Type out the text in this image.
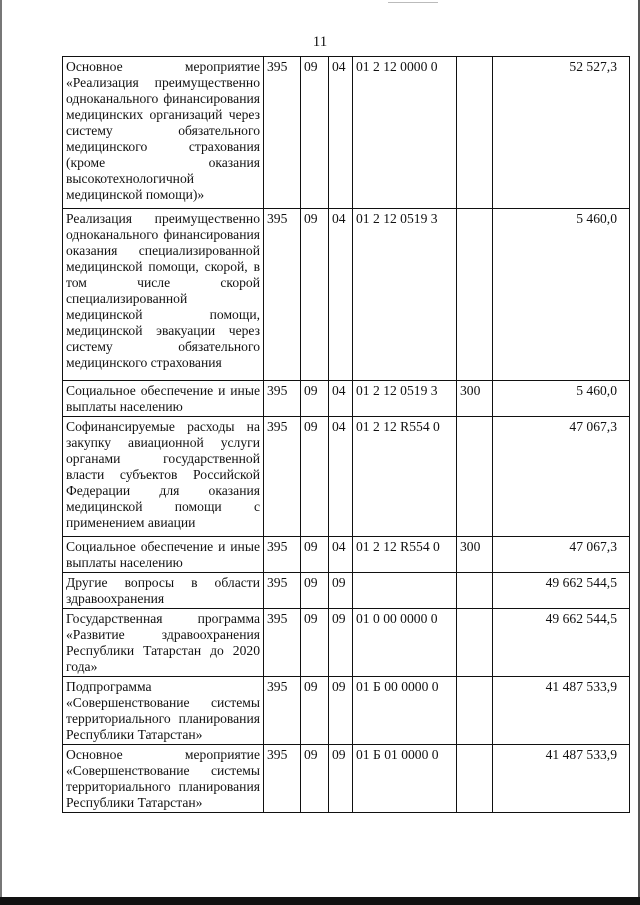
11
Основное мероприятие «Реализация преимущественно одноканального финансирования медицинских организаций через систему обязательного медицинского страхования (кроме оказания высокотехнологичной медицинской помощи)»	395	09	04	01 2 12 0000 0		52 527,3
Реализация преимущественно одноканального финансирования оказания специализированной медицинской помощи, скорой, в том числе скорой специализированной медицинской помощи, медицинской эвакуации через систему обязательного медицинского страхования	395	09	04	01 2 12 0519 3		5 460,0
Социальное обеспечение и иные выплаты населению	395	09	04	01 2 12 0519 3	300	5 460,0
Софинансируемые расходы на закупку авиационной услуги органами государственной власти субъектов Российской Федерации для оказания медицинской помощи с применением авиации	395	09	04	01 2 12 R554 0		47 067,3
Социальное обеспечение и иные выплаты населению	395	09	04	01 2 12 R554 0	300	47 067,3
Другие вопросы в области здравоохранения	395	09	09			49 662 544,5
Государственная программа «Развитие здравоохранения Республики Татарстан до 2020 года»	395	09	09	01 0 00 0000 0		49 662 544,5
Подпрограмма «Совершенствование системы территориального планирования Республики Татарстан»	395	09	09	01 Б 00 0000 0		41 487 533,9
Основное мероприятие «Совершенствование системы территориального планирования Республики Татарстан»	395	09	09	01 Б 01 0000 0		41 487 533,9
